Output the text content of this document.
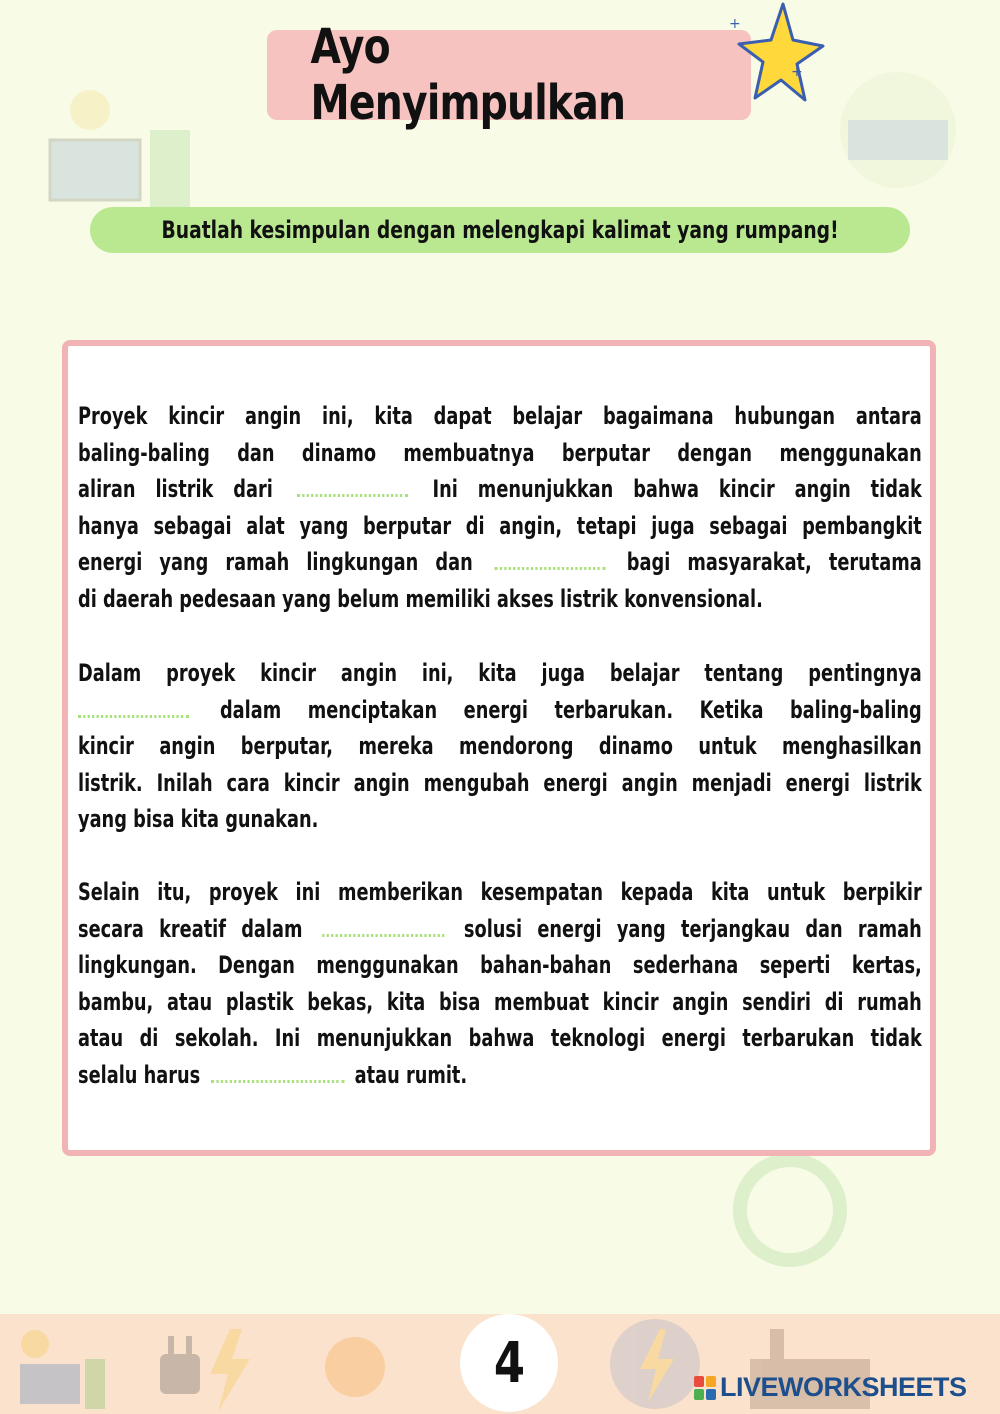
Ayo Menyimpulkan
+
+
Buatlah kesimpulan dengan melengkapi kalimat yang rumpang!

Proyek kincir angin ini, kita dapat belajar bagaimana hubungan antara
baling-baling dan dinamo membuatnya berputar dengan menggunakan
aliran listrik dari	Ini menunjukkan bahwa kincir angin tidak
hanya sebagai alat yang berputar di angin, tetapi juga sebagai pembangkit
energi yang ramah lingkungan dan	bagi masyarakat, terutama
di daerah pedesaan yang belum memiliki akses listrik konvensional.

Dalam proyek kincir angin ini, kita juga belajar tentang pentingnya
dalam menciptakan energi terbarukan. Ketika baling-baling
kincir angin berputar, mereka mendorong dinamo untuk menghasilkan
listrik. Inilah cara kincir angin mengubah energi angin menjadi energi listrik
yang bisa kita gunakan.

Selain itu, proyek ini memberikan kesempatan kepada kita untuk berpikir
secara kreatif dalam	solusi energi yang terjangkau dan ramah
lingkungan. Dengan menggunakan bahan-bahan sederhana seperti kertas,
bambu, atau plastik bekas, kita bisa membuat kincir angin sendiri di rumah
atau di sekolah. Ini menunjukkan bahwa teknologi energi terbarukan tidak
selalu harus	atau rumit.

4	LIVEWORKSHEETS
